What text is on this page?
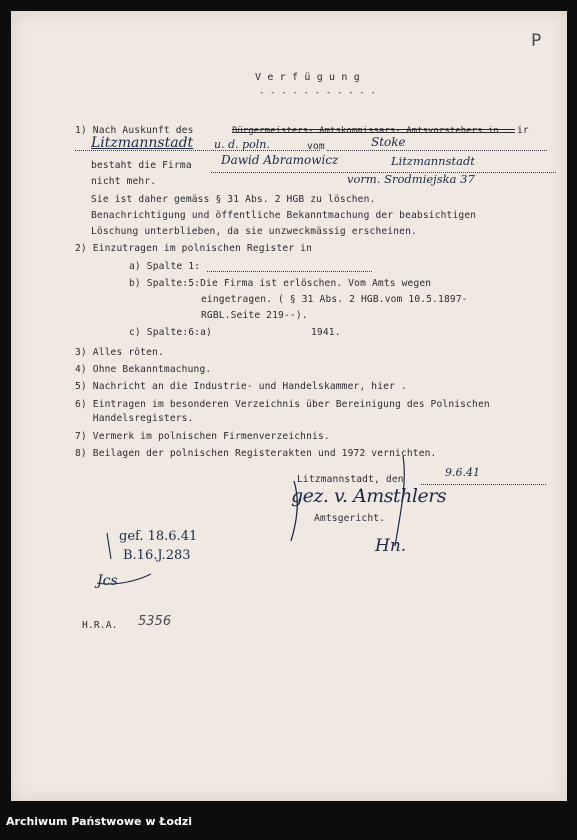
P
V e r f ü g u n g
- - - - - - - - - - -
1) Nach Auskunft des	Bürgermeisters- Amtskommissars- Amtsvorstehers in ir
Litzmannstadt u. d. poln.	vom	Stoke
bestaht die Firma Dawid Abramowicz	Litzmannstadt
nicht mehr.	vorm. Srodmiejska 37
Sie ist daher gemäss § 31 Abs. 2 HGB zu löschen.
Benachrichtigung und öffentliche Bekanntmachung der beabsichtigen
Löschung unterblieben, da sie unzweckmässig erscheinen.
2) Einzutragen im polnischen Register in
a) Spalte 1:
b) Spalte:5:Die Firma ist erlöschen. Vom Amts wegen
eingetragen. ( § 31 Abs. 2 HGB.vom 10.5.1897-
RGBL.Seite 219--).
c) Spalte:6:a)	1941.
3) Alles röten.
4) Ohne Bekanntmachung.
5) Nachricht an die Industrie- und Handelskammer, hier .
6) Eintragen im besonderen Verzeichnis über Bereinigung des Polnischen
Handelsregisters.
7) Vermerk im polnischen Firmenverzeichnis.
8) Beilagen der polnischen Registerakten und 1972 vernichten.
Litzmannstadt, den
9.6.41
Amtsgericht.
gez. v. Amsthlers
Hn.
gef. 18.6.41
B.16.J.283
Jcs
H.R.A. 5356
Archiwum Państwowe w Łodzi
